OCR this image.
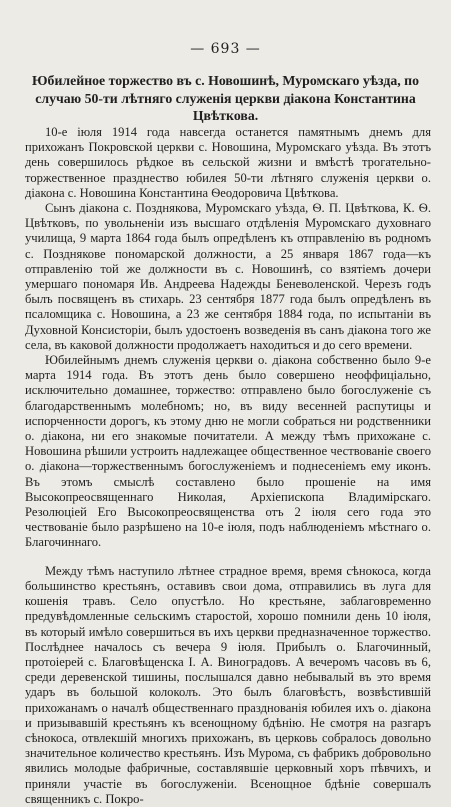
— 693 —
Юбилейное торжество въ с. Новошинѣ, Муромскаго уѣзда, по случаю 50-ти лѣтняго служенія церкви діакона Константина Цвѣткова.

10-е іюля 1914 года навсегда останется памятнымъ днемъ для прихожанъ Покровской церкви с. Новошина, Муромскаго уѣзда. Въ этотъ день совершилось рѣдкое въ сельской жизни и вмѣстѣ трогательно-торжественное празднество юбилея 50-ти лѣтняго служенія церкви о. діакона с. Новошина Константина Ѳеодоровича Цвѣткова.

Сынъ діакона с. Позднякова, Муромскаго уѣзда, Ѳ. П. Цвѣткова, К. Ѳ. Цвѣтковъ, по увольненіи изъ высшаго отдѣленія Муромскаго духовнаго училища, 9 марта 1864 года былъ опредѣленъ къ отправленію въ родномъ с. Позднякове пономарской должности, а 25 января 1867 года—къ отправленію той же должности въ с. Новошинѣ, со взятіемъ дочери умершаго пономаря Ив. Андреева Надежды Беневоленской. Черезъ годъ былъ посвященъ въ стихарь. 23 сентября 1877 года былъ опредѣленъ въ псаломщика с. Новошина, а 23 же сентября 1884 года, по испытаніи въ Духовной Консисторіи, былъ удостоенъ возведенія въ санъ діакона того же села, въ каковой должности продолжаетъ находиться и до сего времени.

Юбилейнымъ днемъ служенія церкви о. діакона собственно было 9-е марта 1914 года. Въ этотъ день было совершено неоффиціально, исключительно домашнее, торжество: отправлено было богослуженіе съ благодарственнымъ молебномъ; но, въ виду весенней распутицы и испорченности дорогъ, къ этому дню не могли собраться ни родственники о. діакона, ни его знакомые почитатели. А между тѣмъ прихожане с. Новошина рѣшили устроить надлежащее общественное чествованіе своего о. діакона—торжественнымъ богослуженіемъ и поднесеніемъ ему иконъ. Въ этомъ смыслѣ составлено было прошеніе на имя Высокопреосвященнаго Николая, Архіепископа Владимірскаго. Резолюціей Его Высокопреосвященства отъ 2 іюля сего года это чествованіе было разрѣшено на 10-е іюля, подъ наблюденіемъ мѣстнаго о. Благочиннаго.

Между тѣмъ наступило лѣтнее страдное время, время сѣнокоса, когда большинство крестьянъ, оставивъ свои дома, отправились въ луга для кошенія травъ. Село опустѣло. Но крестьяне, заблаговременно предувѣдомленные сельскимъ старостой, хорошо помнили день 10 іюля, въ который имѣло совершиться въ ихъ церкви предназначенное торжество. Послѣднее началось съ вечера 9 іюля. Прибылъ о. Благочинный, протоіерей с. Благовѣщенска І. А. Виноградовъ. А вечеромъ часовъ въ 6, среди деревенской тишины, послышался давно небывалый въ это время ударъ въ большой колоколъ. Это былъ благовѣстъ, возвѣстившій прихожанамъ о началѣ общественнаго празднованія юбилея ихъ о. діакона и призывавшій крестьянъ къ всенощному бдѣнію. Не смотря на разгаръ сѣнокоса, отвлекшій многихъ прихожанъ, въ церковь собралось довольно значительное количество крестьянъ. Изъ Мурома, съ фабрикъ добровольно явились молодые фабричные, составлявшіе церковный хоръ пѣвчихъ, и приняли участіе въ богослуженіи. Всенощное бдѣніе совершалъ священникъ с. Покро-
